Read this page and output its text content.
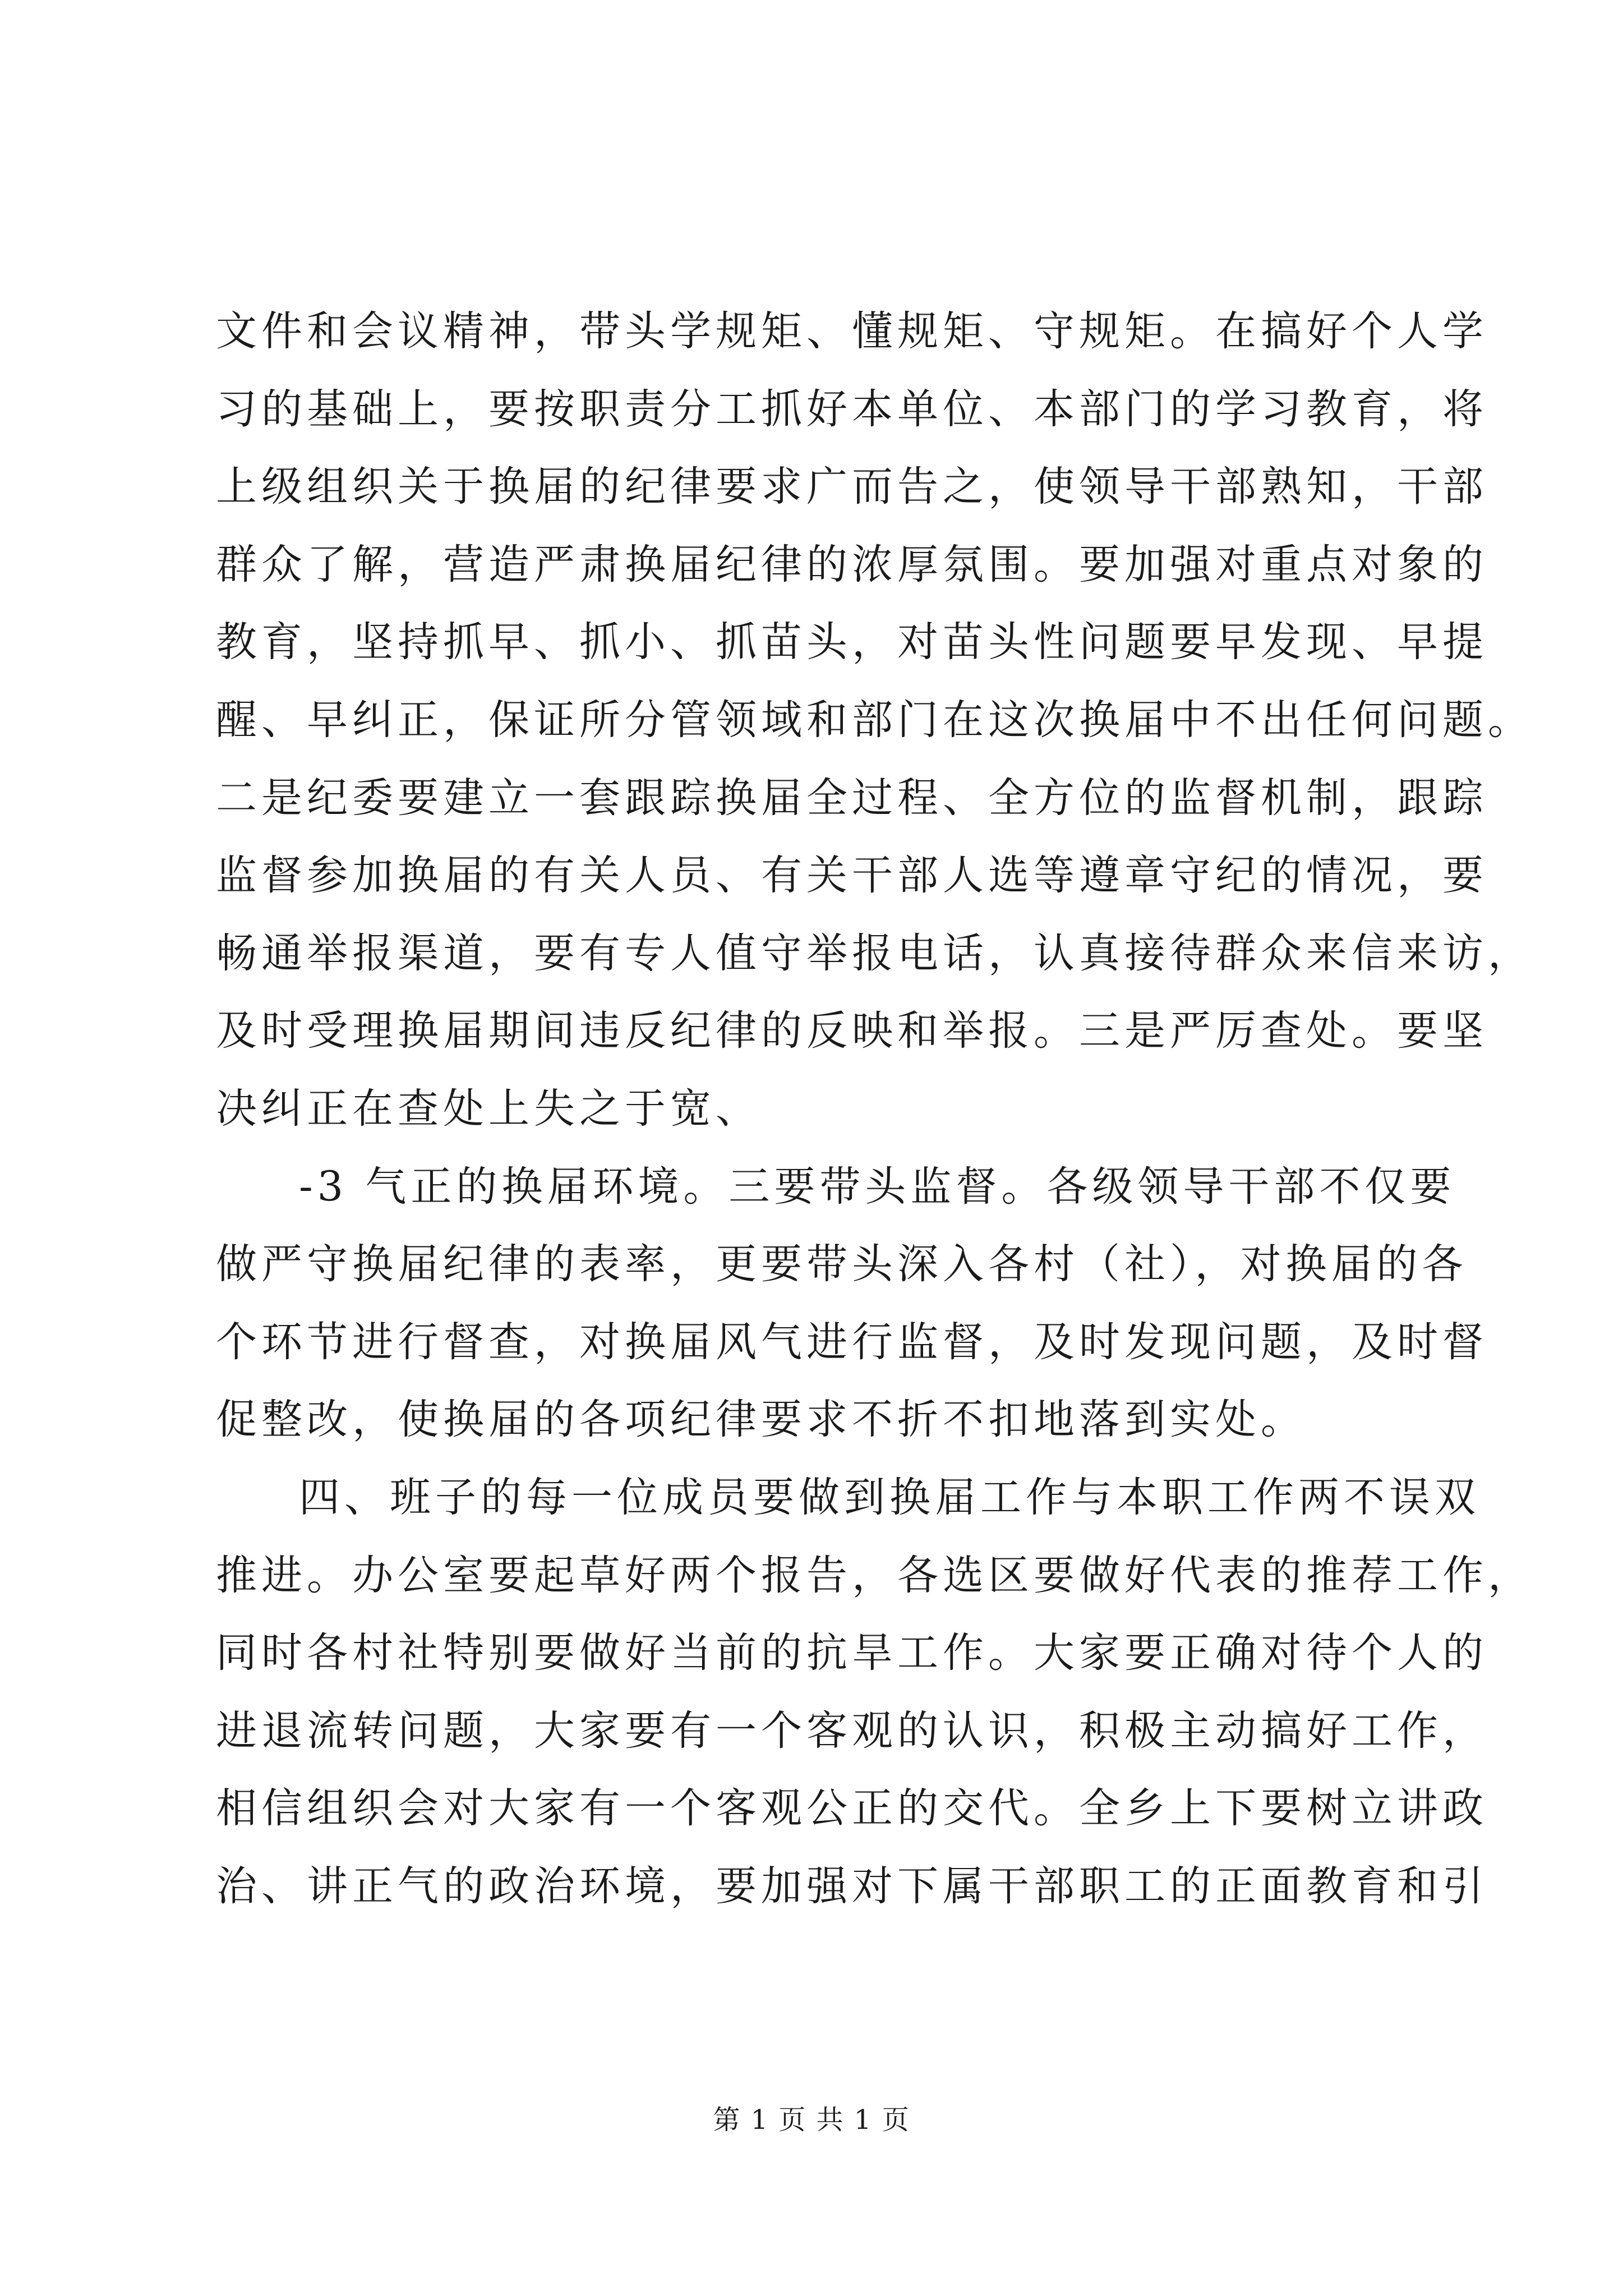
文件和会议精神，带头学规矩、懂规矩、守规矩。在搞好个人学
习的基础上，要按职责分工抓好本单位、本部门的学习教育，将
上级组织关于换届的纪律要求广而告之，使领导干部熟知，干部
群众了解，营造严肃换届纪律的浓厚氛围。要加强对重点对象的
教育，坚持抓早、抓小、抓苗头，对苗头性问题要早发现、早提
醒、早纠正，保证所分管领域和部门在这次换届中不出任何问题。
二是纪委要建立一套跟踪换届全过程、全方位的监督机制，跟踪
监督参加换届的有关人员、有关干部人选等遵章守纪的情况，要
畅通举报渠道，要有专人值守举报电话，认真接待群众来信来访，
及时受理换届期间违反纪律的反映和举报。三是严厉查处。要坚
决纠正在查处上失之于宽、
-3 气正的换届环境。三要带头监督。各级领导干部不仅要
做严守换届纪律的表率，更要带头深入各村（社），对换届的各
个环节进行督查，对换届风气进行监督，及时发现问题，及时督
促整改，使换届的各项纪律要求不折不扣地落到实处。
四、班子的每一位成员要做到换届工作与本职工作两不误双
推进。办公室要起草好两个报告，各选区要做好代表的推荐工作，
同时各村社特别要做好当前的抗旱工作。大家要正确对待个人的
进退流转问题，大家要有一个客观的认识，积极主动搞好工作，
相信组织会对大家有一个客观公正的交代。全乡上下要树立讲政
治、讲正气的政治环境，要加强对下属干部职工的正面教育和引
第 1 页 共 1 页
